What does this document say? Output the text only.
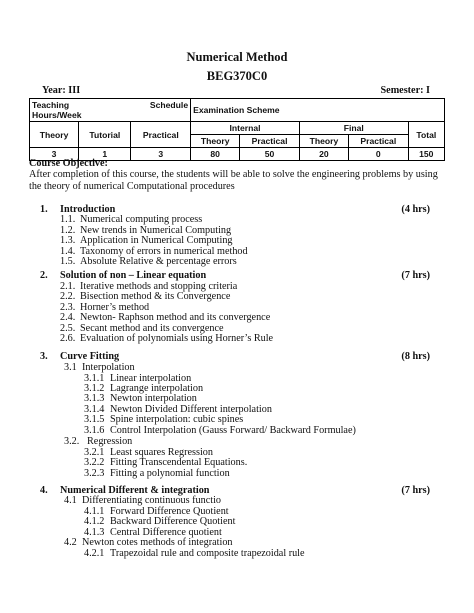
Numerical Method
BEG370C0
Year: III	Semester: I
Teaching Schedule
Hours/Week			Examination Scheme				
Theory	Tutorial	Practical	Internal		Final		Total
			Theory	Practical	Theory	Practical	
3	1	3	80	50	20	0	150
Course Objective:
After completion of this course, the students will be able to solve the engineering problems by using the theory of numerical Computational procedures
1. Introduction	(4 hrs)
1.1. Numerical computing process
1.2. New trends in Numerical Computing
1.3. Application in Numerical Computing
1.4. Taxonomy of errors in numerical method
1.5. Absolute Relative & percentage errors
2. Solution of non – Linear equation	(7 hrs)
2.1. Iterative methods and stopping criteria
2.2. Bisection method & its Convergence
2.3. Horner’s method
2.4. Newton- Raphson method and its convergence
2.5. Secant method and its convergence
2.6. Evaluation of polynomials using Horner’s Rule
3. Curve Fitting	(8 hrs)
3.1 Interpolation
3.1.1 Linear interpolation
3.1.2 Lagrange interpolation
3.1.3 Newton interpolation
3.1.4 Newton Divided Different interpolation
3.1.5 Spine interpolation: cubic spines
3.1.6 Control Interpolation (Gauss Forward/ Backward Formulae)
3.2. Regression
3.2.1 Least squares Regression
3.2.2 Fitting Transcendental Equations.
3.2.3 Fitting a polynomial function
4. Numerical Different & integration	(7 hrs)
4.1 Differentiating continuous functio
4.1.1 Forward Difference Quotient
4.1.2 Backward Difference Quotient
4.1.3 Central Difference quotient
4.2 Newton cotes methods of integration
4.2.1 Trapezoidal rule and composite trapezoidal rule
